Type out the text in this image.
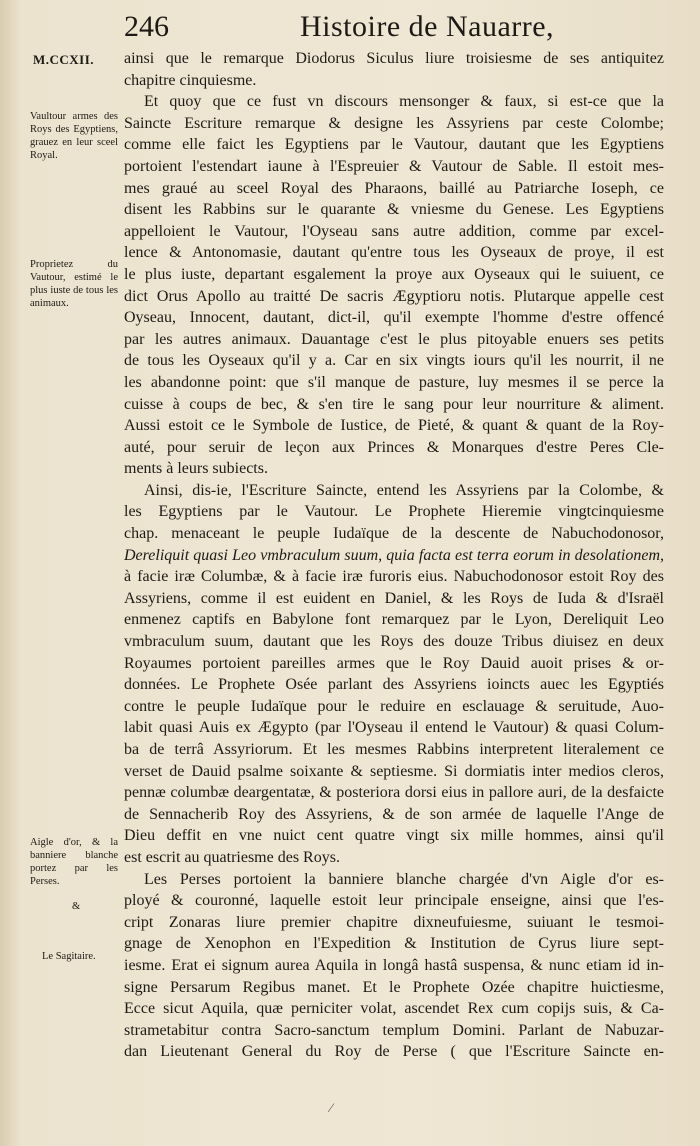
246	Histoire de Nauarre,
M.CCXII.
Vaultour armes des Roys des Egyptiens, grauez en leur sceel Royal.
Proprietez du Vautour, estimé le plus iuste de tous les animaux.
Aigle d'or, & la banniere blanche portez par les Perses.
&
Le Sagitaire.
ainsi que le remarque Diodorus Siculus liure troisiesme de ses antiquitez
chapitre cinquiesme.
Et quoy que ce fust vn discours mensonger & faux, si est-ce que la
Saincte Escriture remarque & designe les Assyriens par ceste Colombe;
comme elle faict les Egyptiens par le Vautour, dautant que les Egyptiens
portoient l'estendart iaune à l'Espreuier & Vautour de Sable. Il estoit mes-
mes graué au sceel Royal des Pharaons, baillé au Patriarche Ioseph, ce
disent les Rabbins sur le quarante & vniesme du Genese. Les Egyptiens
appelloient le Vautour, l'Oyseau sans autre addition, comme par excel-
lence & Antonomasie, dautant qu'entre tous les Oyseaux de proye, il est
le plus iuste, departant esgalement la proye aux Oyseaux qui le suiuent, ce
dict Orus Apollo au traitté De sacris Ægyptioru notis. Plutarque appelle cest
Oyseau, Innocent, dautant, dict-il, qu'il exempte l'homme d'estre offencé
par les autres animaux. Dauantage c'est le plus pitoyable enuers ses petits
de tous les Oyseaux qu'il y a. Car en six vingts iours qu'il les nourrit, il ne
les abandonne point: que s'il manque de pasture, luy mesmes il se perce la
cuisse à coups de bec, & s'en tire le sang pour leur nourriture & aliment.
Aussi estoit ce le Symbole de Iustice, de Pieté, & quant & quant de la Roy-
auté, pour seruir de leçon aux Princes & Monarques d'estre Peres Cle-
ments à leurs subiects.
Ainsi, dis-ie, l'Escriture Saincte, entend les Assyriens par la Colombe, &
les Egyptiens par le Vautour. Le Prophete Hieremie vingtcinquiesme
chap. menaceant le peuple Iudaïque de la descente de Nabuchodonosor,
Dereliquit quasi Leo vmbraculum suum, quia facta est terra eorum in desolationem,
à facie iræ Columbæ, & à facie iræ furoris eius. Nabuchodonosor estoit Roy des
Assyriens, comme il est euident en Daniel, & les Roys de Iuda & d'Israël
enmenez captifs en Babylone font remarquez par le Lyon, Dereliquit Leo
vmbraculum suum, dautant que les Roys des douze Tribus diuisez en deux
Royaumes portoient pareilles armes que le Roy Dauid auoit prises & or-
données. Le Prophete Osée parlant des Assyriens ioincts auec les Egyptiés
contre le peuple Iudaïque pour le reduire en esclauage & seruitude, Auo-
labit quasi Auis ex Ægypto (par l'Oyseau il entend le Vautour) & quasi Colum-
ba de terrâ Assyriorum. Et les mesmes Rabbins interpretent literalement ce
verset de Dauid psalme soixante & septiesme. Si dormiatis inter medios cleros,
pennæ columbæ deargentatæ, & posteriora dorsi eius in pallore auri, de la desfaicte
de Sennacherib Roy des Assyriens, & de son armée de laquelle l'Ange de
Dieu deffit en vne nuict cent quatre vingt six mille hommes, ainsi qu'il
est escrit au quatriesme des Roys.
Les Perses portoient la banniere blanche chargée d'vn Aigle d'or es-
ployé & couronné, laquelle estoit leur principale enseigne, ainsi que l'es-
cript Zonaras liure premier chapitre dixneufuiesme, suiuant le tesmoi-
gnage de Xenophon en l'Expedition & Institution de Cyrus liure sept-
iesme. Erat ei signum aurea Aquila in longâ hastâ suspensa, & nunc etiam id in-
signe Persarum Regibus manet. Et le Prophete Ozée chapitre huictiesme,
Ecce sicut Aquila, quæ perniciter volat, ascendet Rex cum copijs suis, & Ca-
strametabitur contra Sacro-sanctum templum Domini. Parlant de Nabuzar-
dan Lieutenant General du Roy de Perse ( que l'Escriture Saincte en-
⁄
